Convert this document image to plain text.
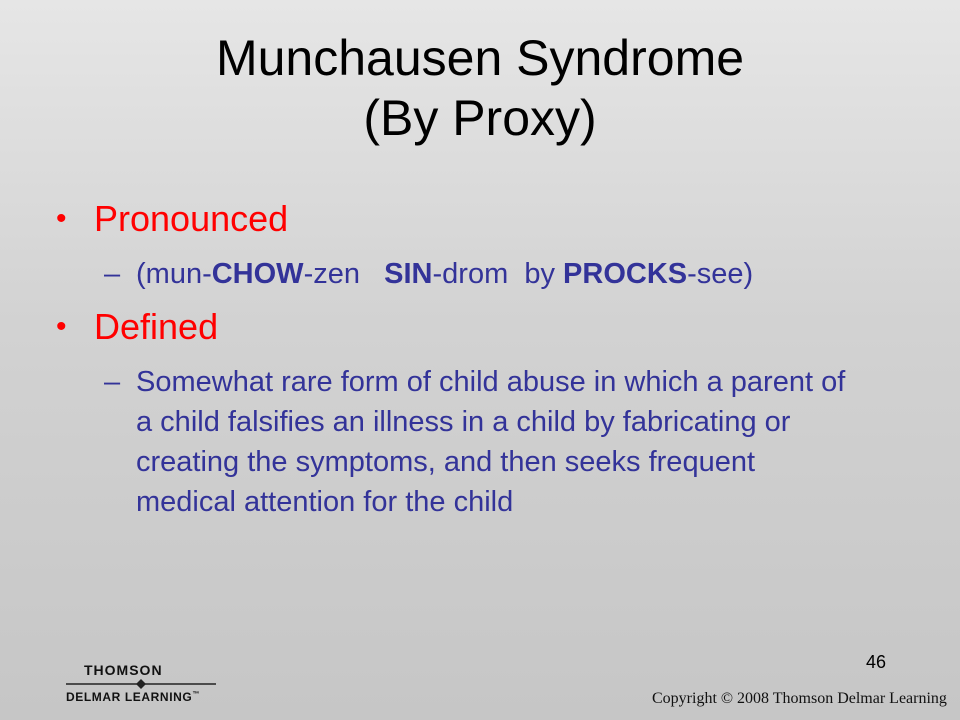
Munchausen Syndrome
(By Proxy)
• Pronounced
– (mun-CHOW-zen   SIN-drom  by PROCKS-see)
• Defined
– Somewhat rare form of child abuse in which a parent of a child falsifies an illness in a child by fabricating or creating the symptoms, and then seeks frequent medical attention for the child
46
THOMSON
DELMAR LEARNING™	Copyright © 2008 Thomson Delmar Learning
